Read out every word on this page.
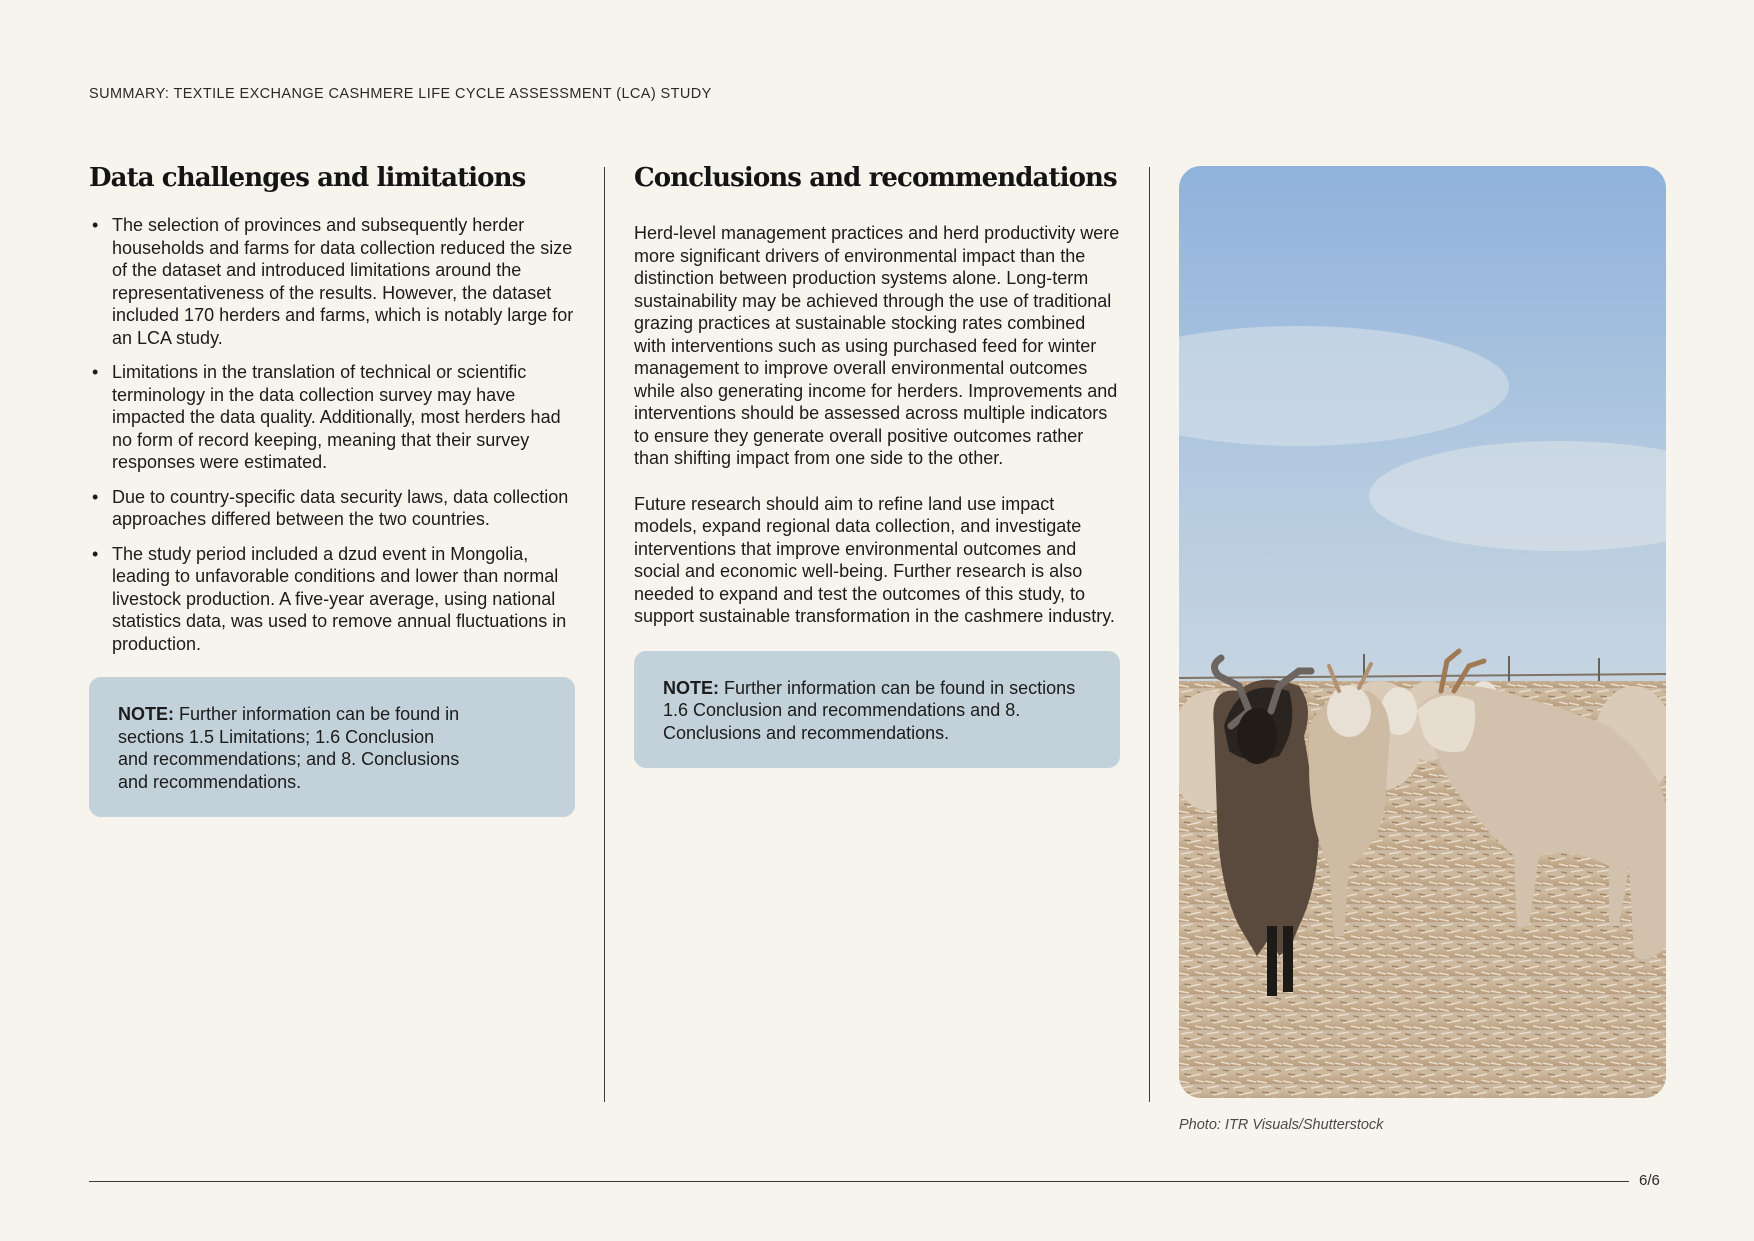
SUMMARY: TEXTILE EXCHANGE CASHMERE LIFE CYCLE ASSESSMENT (LCA) STUDY
Data challenges and limitations
• The selection of provinces and subsequently herder households and farms for data collection reduced the size of the dataset and introduced limitations around the representativeness of the results. However, the dataset included 170 herders and farms, which is notably large for an LCA study.
• Limitations in the translation of technical or scientific terminology in the data collection survey may have impacted the data quality. Additionally, most herders had no form of record keeping, meaning that their survey responses were estimated.
• Due to country-specific data security laws, data collection approaches differed between the two countries.
• The study period included a dzud event in Mongolia, leading to unfavorable conditions and lower than normal livestock production. A five-year average, using national statistics data, was used to remove annual fluctuations in production.
NOTE: Further information can be found in sections 1.5 Limitations; 1.6 Conclusion and recommendations; and 8. Conclusions and recommendations.
Conclusions and recommendations

Herd-level management practices and herd productivity were more significant drivers of environmental impact than the distinction between production systems alone. Long-term sustainability may be achieved through the use of traditional grazing practices at sustainable stocking rates combined with interventions such as using purchased feed for winter management to improve overall environmental outcomes while also generating income for herders. Improvements and interventions should be assessed across multiple indicators to ensure they generate overall positive outcomes rather than shifting impact from one side to the other.

Future research should aim to refine land use impact models, expand regional data collection, and investigate interventions that improve environmental outcomes and social and economic well-being. Further research is also needed to expand and test the outcomes of this study, to support sustainable transformation in the cashmere industry.

NOTE: Further information can be found in sections 1.6 Conclusion and recommendations and 8. Conclusions and recommendations.
Photo: ITR Visuals/Shutterstock
6/6
